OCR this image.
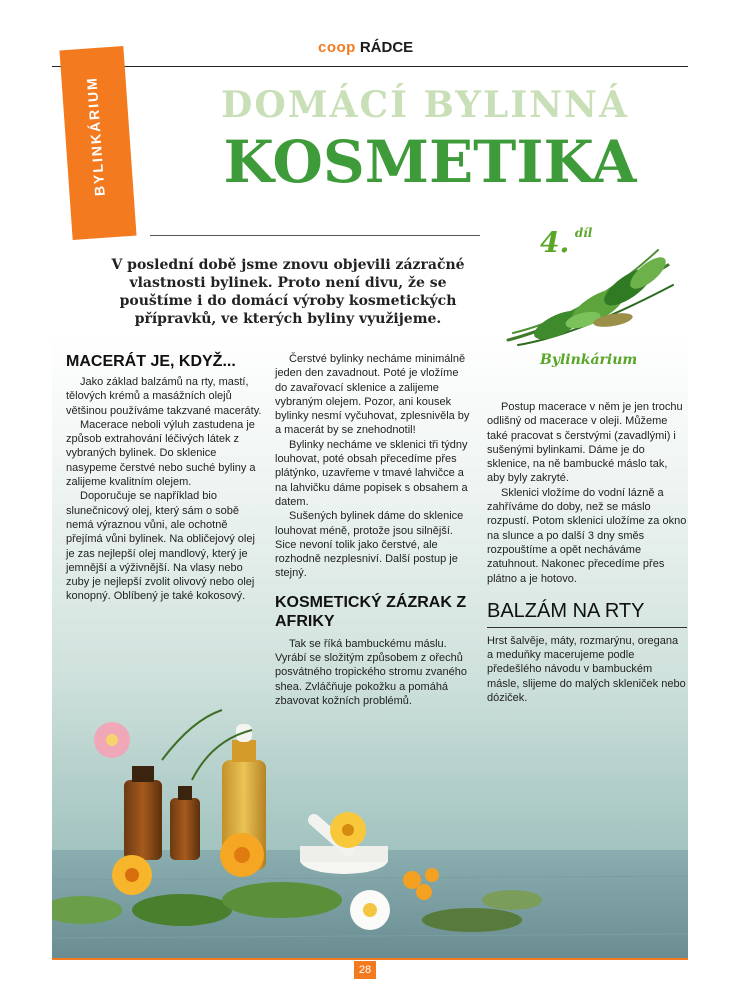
coop RÁDCE
BYLINKÁRIUM	DOMÁCÍ BYLINNÁ
KOSMETIKA
V poslední době jsme znovu objevili zázračné vlastnosti bylinek. Proto není divu, že se pouštíme i do domácí výroby kosmetických přípravků, ve kterých byliny využijeme.
4. $^{díl}$
Bylinkárium
MACERÁT JE, KDYŽ...

Jako základ balzámů na rty, mastí, tělových krémů a masážních olejů většinou používáme takzvané maceráty.

Macerace neboli výluh zastudena je způsob extrahování léčivých látek z vybraných bylinek. Do sklenice nasypeme čerstvé nebo suché byliny a zalijeme kvalitním olejem.

Doporučuje se například bio slunečnicový olej, který sám o sobě nemá výraznou vůni, ale ochotně přejímá vůni bylinek. Na obličejový olej je zas nejlepší olej mandlový, který je jemnější a výživnější. Na vlasy nebo zuby je nejlepší zvolit olivový nebo olej konopný. Oblíbený je také kokosový.

Čerstvé bylinky necháme minimálně jeden den zavadnout. Poté je vložíme do zavařovací sklenice a zalijeme vybraným olejem. Pozor, ani kousek bylinky nesmí vyčuhovat, zplesnivěla by a macerát by se znehodnotil!

Bylinky necháme ve sklenici tři týdny louhovat, poté obsah přecedíme přes plátýnko, uzavřeme v tmavé lahvičce a na lahvičku dáme popisek s obsahem a datem.

Sušených bylinek dáme do sklenice louhovat méně, protože jsou silnější. Sice nevoní tolik jako čerstvé, ale rozhodně nezplesniví. Další postup je stejný.

KOSMETICKÝ ZÁZRAK Z AFRIKY

Tak se říká bambuckému máslu. Vyrábí se složitým způsobem z ořechů posvátného tropického stromu zvaného shea. Zvláčňuje pokožku a pomáhá zbavovat kožních problémů.

Postup macerace v něm je jen trochu odlišný od macerace v oleji. Můžeme také pracovat s čerstvými (zavadlými) i sušenými bylinkami. Dáme je do sklenice, na ně bambucké máslo tak, aby byly zakryté.

Sklenici vložíme do vodní lázně a zahříváme do doby, než se máslo rozpustí. Potom sklenici uložíme za okno na slunce a po další 3 dny směs rozpouštíme a opět necháváme zatuhnout. Nakonec přecedíme přes plátno a je hotovo.

BALZÁM NA RTY

Hrst šalvěje, máty, rozmarýnu, oregana a meduňky macerujeme podle předešlého návodu v bambuckém másle, slijeme do malých skleniček nebo dóziček.

28
